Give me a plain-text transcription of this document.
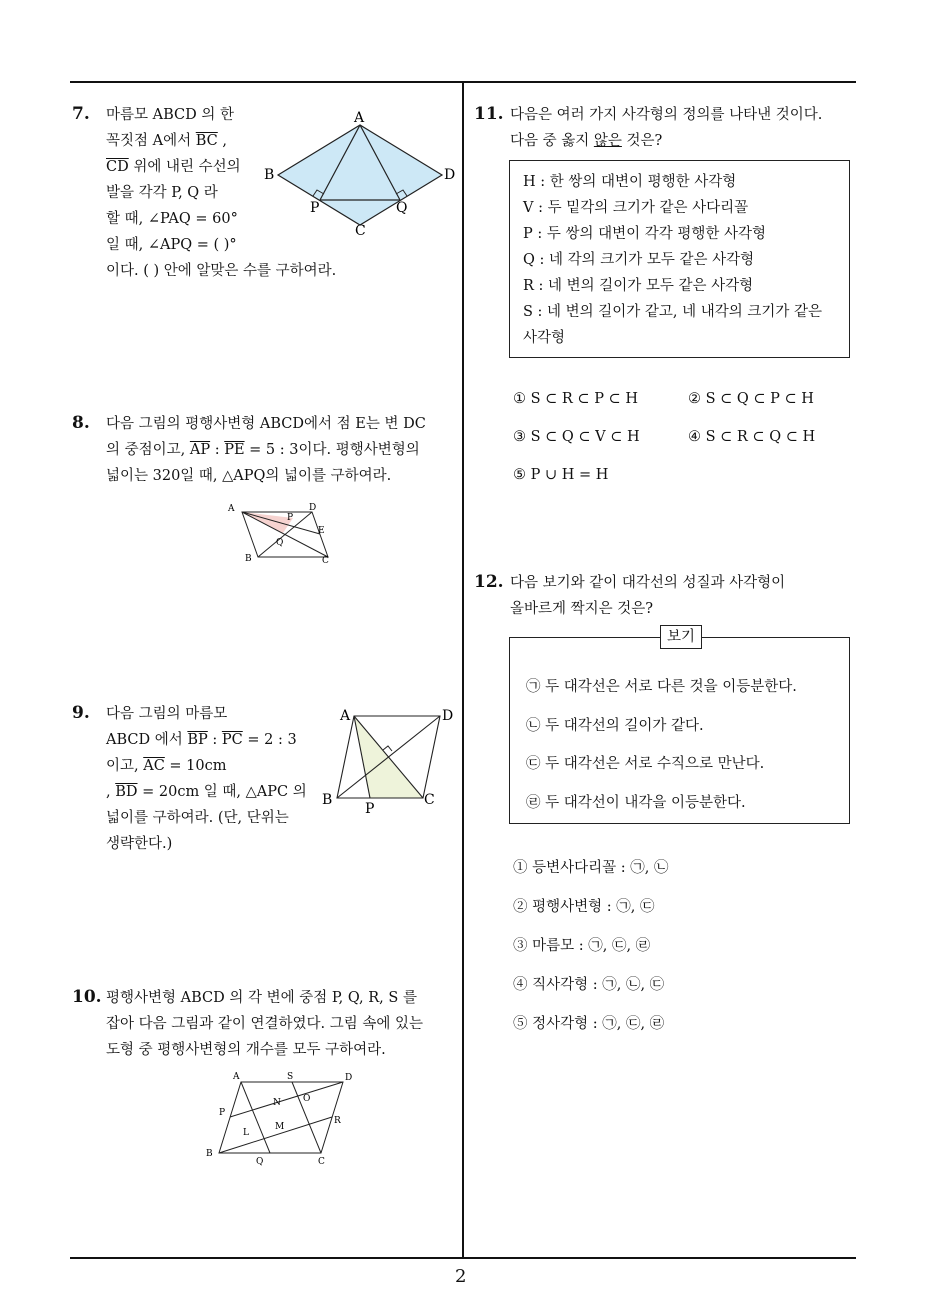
2
7. 마름모 ABCD 의 한
꼭짓점 A에서 $\overline{BC}$ ,
$\overline{CD}$ 위에 내린 수선의
발을 각각 P, Q 라
할 때, ∠PAQ = 60°
일 때, ∠APQ = ( )°
이다. ( ) 안에 알맞은 수를 구하여라.
A
B	D
C
P	Q
8. 다음 그림의 평행사변형 ABCD에서 점 E는 변 DC
의 중점이고, $\overline{AP}$ : $\overline{PE} = 5$ : 3이다. 평행사변형의
넓이는 320일 때, △APQ의 넓이를 구하여라.
A	D
B	C
P
Q
E
9. 다음 그림의 마름모
ABCD 에서 $\overline{BP}$ : $\overline{PC} = 2$ : 3
이고, $\overline{AC} = 10cm$
, $\overline{BD} = 20cm$ 일 때, △APC 의
넓이를 구하여라. (단, 단위는
생략한다.)
A	D
B	C
P
10. 평행사변형 ABCD 의 각 변에 중점 P, Q, R, S 를
잡아 다음 그림과 같이 연결하였다. 그림 속에 있는
도형 중 평행사변형의 개수를 모두 구하여라.
A	S	D
N O
P
R
L
M
B
Q	C
11. 다음은 여러 가지 사각형의 정의를 나타낸 것이다.
다음 중 옳지 않은 것은?
H : 한 쌍의 대변이 평행한 사각형
V : 두 밑각의 크기가 같은 사다리꼴
P : 두 쌍의 대변이 각각 평행한 사각형
Q : 네 각의 크기가 모두 같은 사각형
R : 네 변의 길이가 모두 같은 사각형
S : 네 변의 길이가 같고, 네 내각의 크기가 같은
사각형
① S ⊂ R ⊂ P ⊂ H	② S ⊂ Q ⊂ P ⊂ H
③ S ⊂ Q ⊂ V ⊂ H	④ S ⊂ R ⊂ Q ⊂ H
⑤ P ∪ H = H
12. 다음 보기와 같이 대각선의 성질과 사각형이
올바르게 짝지은 것은?
보기
㉠ 두 대각선은 서로 다른 것을 이등분한다.
㉡ 두 대각선의 길이가 같다.
㉢ 두 대각선은 서로 수직으로 만난다.
㉣ 두 대각선이 내각을 이등분한다.
① 등변사다리꼴 : ㉠, ㉡
② 평행사변형 : ㉠, ㉢
③ 마름모 : ㉠, ㉢, ㉣
④ 직사각형 : ㉠, ㉡, ㉢
⑤ 정사각형 : ㉠, ㉢, ㉣
